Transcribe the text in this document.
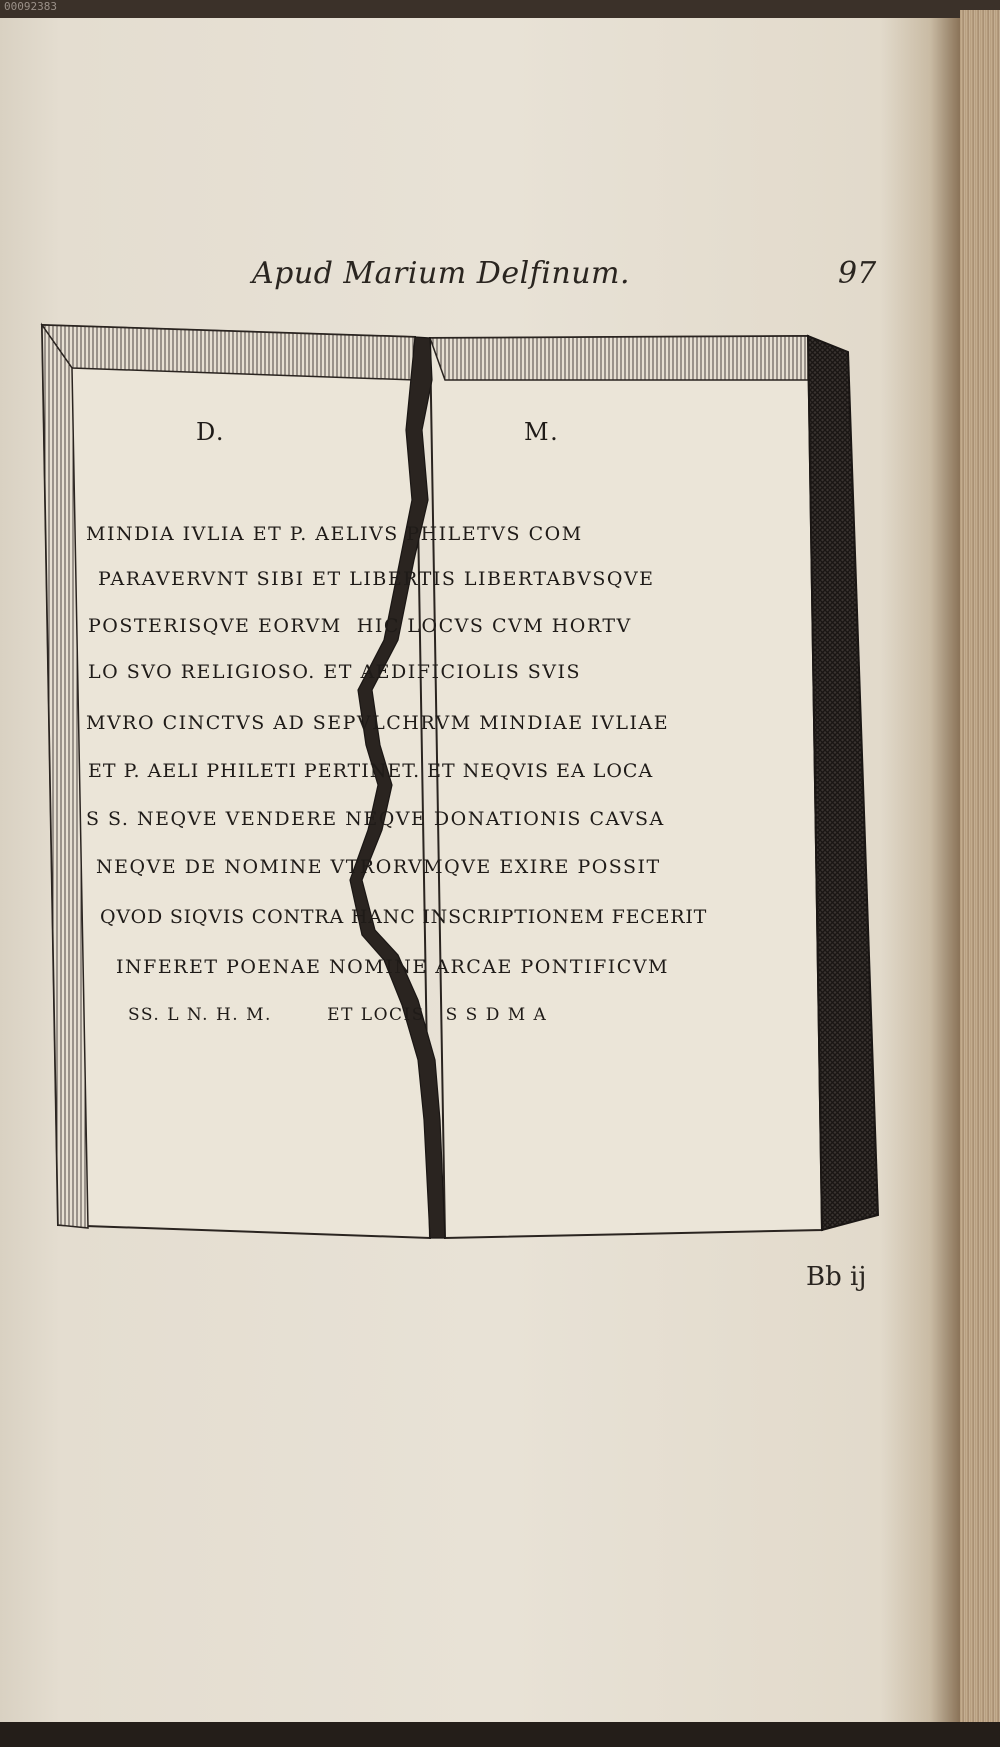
00092383
Apud Marium Delfinum.	97
D.	M.
MINDIA IVLIA ET P. AELIVS PHILETVS COM
PARAVERVNT SIBI ET LIBERTIS LIBERTABVSQVE
POSTERISQVE EORVM  HIC LOCVS CVM HORTV
LO SVO RELIGIOSO. ET AEDIFICIOLIS SVIS
MVRO CINCTVS AD SEPVLCHRVM MINDIAE IVLIAE
ET P. AELI PHILETI PERTINET. ET NEQVIS EA LOCA
S S. NEQVE VENDERE NEQVE DONATIONIS CAVSA
NEQVE DE NOMINE VTRORVMQVE EXIRE POSSIT
QVOD SIQVIS CONTRA HANC INSCRIPTIONEM FECERIT
INFERET POENAE NOMINE ARCAE PONTIFICVM
SS. L N. H. M.        ET LOCIS   S S D M A
Bb ij
